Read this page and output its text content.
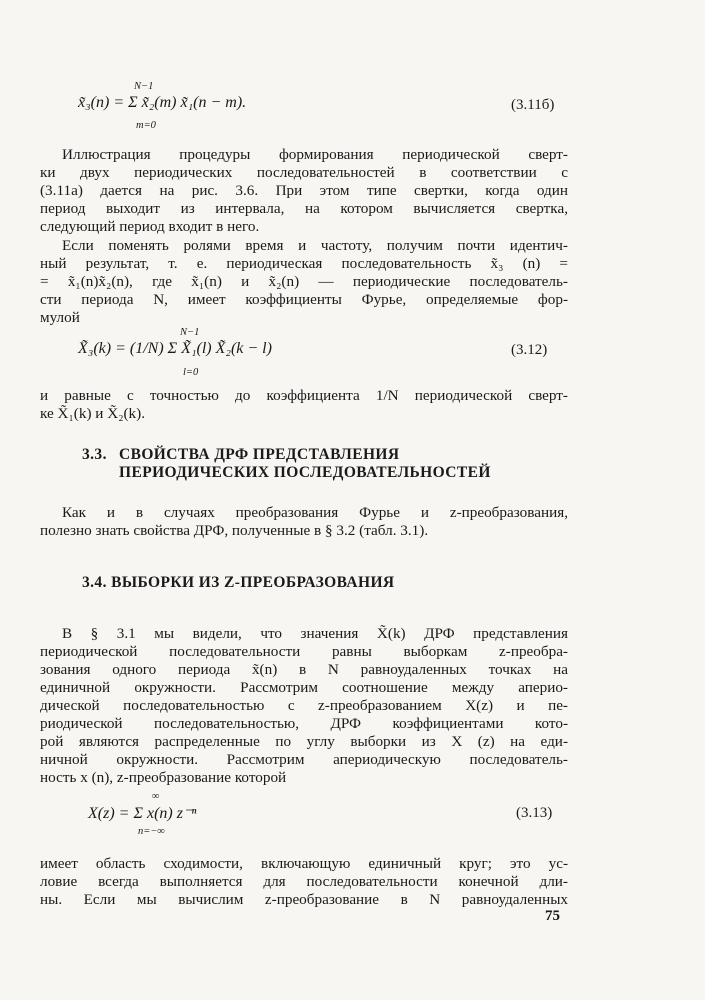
N−1
m=0

x̃₃(n) = Σ x̃₂(m) x̃₁(n − m).	(3.11б)

Иллюстрация процедуры формирования периодической сверт-

ки двух периодических последовательностей в соответствии с

(3.11а) дается на рис. 3.6. При этом типе свертки, когда один

период выходит из интервала, на котором вычисляется свертка,

следующий период входит в него.

Если поменять ролями время и частоту, получим почти идентич-

ный результат, т. е. периодическая последовательность x̃₃ (n) =

= x̃₁(n)x̃₂(n), где x̃₁(n) и x̃₂(n) — периодические последователь-

сти периода N, имеет коэффициенты Фурье, определяемые фор-

мулой

N−1
l=0

X̃₃(k) = (1/N) Σ X̃₁(l) X̃₂(k − l)	(3.12)

и равные с точностью до коэффициента 1/N периодической сверт-

ке X̃₁(k) и X̃₂(k).

3.3. СВОЙСТВА ДРФ ПРЕДСТАВЛЕНИЯ

ПЕРИОДИЧЕСКИХ ПОСЛЕДОВАТЕЛЬНОСТЕЙ

Как и в случаях преобразования Фурье и z-преобразования,

полезно знать свойства ДРФ, полученные в § 3.2 (табл. 3.1).

3.4. ВЫБОРКИ ИЗ Z-ПРЕОБРАЗОВАНИЯ

В § 3.1 мы видели, что значения X̃(k) ДРФ представления

периодической последовательности равны выборкам z-преобра-

зования одного периода x̃(n) в N равноудаленных точках на

единичной окружности. Рассмотрим соотношение между аперио-

дической последовательностью с z-преобразованием X(z) и пе-

риодической последовательностью, ДРФ коэффициентами кото-

рой являются распределенные по углу выборки из X (z) на еди-

ничной окружности. Рассмотрим апериодическую последователь-

ность x (n), z-преобразование которой

∞
n=−∞

X(z) = Σ x(n) z⁻ⁿ	(3.13)

имеет область сходимости, включающую единичный круг; это ус-

ловие всегда выполняется для последовательности конечной дли-

ны. Если мы вычислим z-преобразование в N равноудаленных

75
